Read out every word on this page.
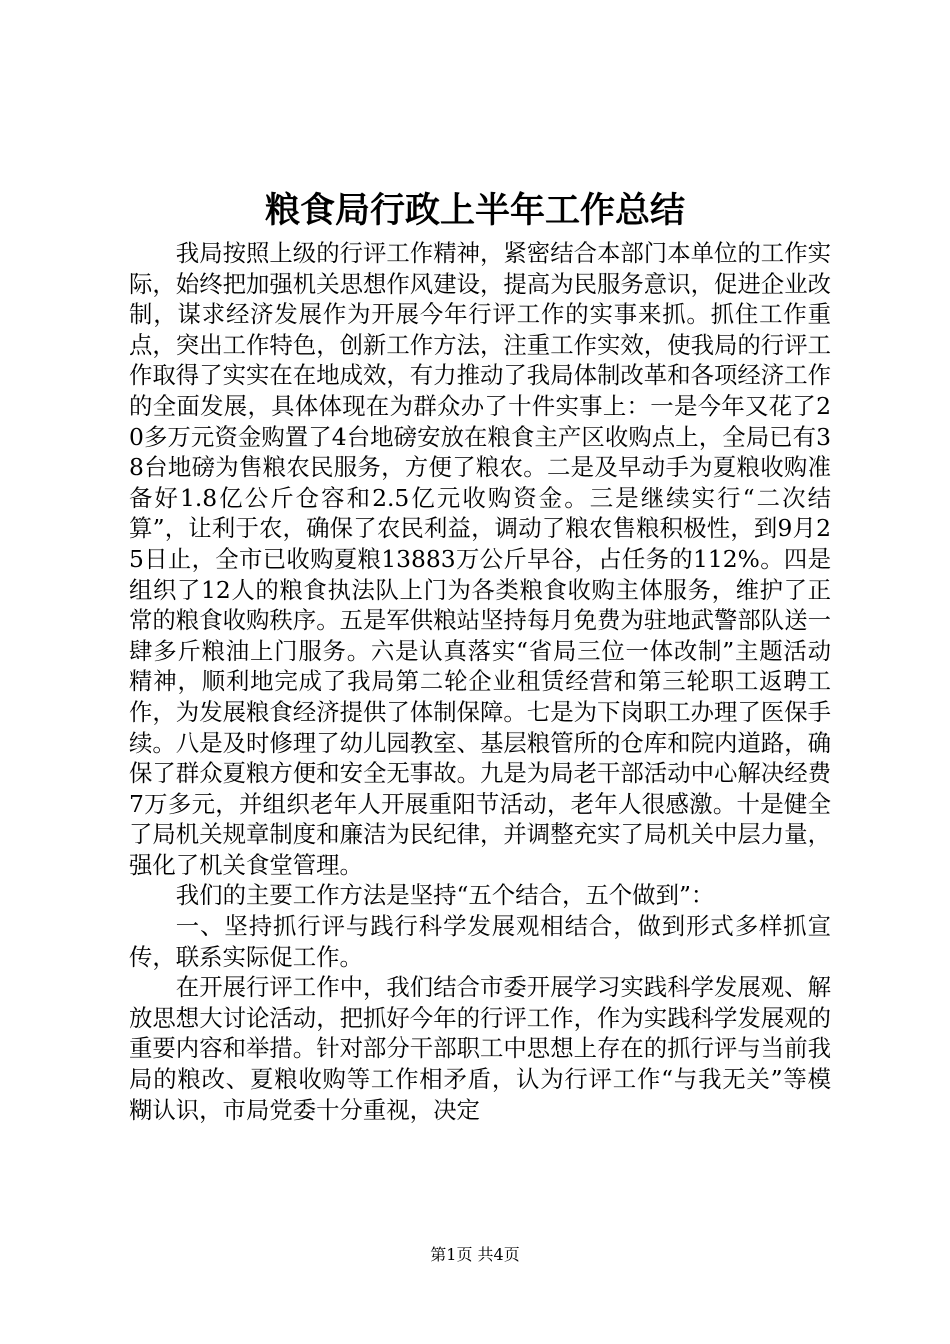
粮食局行政上半年工作总结

我局按照上级的行评工作精神，紧密结合本部门本单位的工作实际，始终把加强机关思想作风建设，提高为民服务意识，促进企业改制，谋求经济发展作为开展今年行评工作的实事来抓。抓住工作重点，突出工作特色，创新工作方法，注重工作实效，使我局的行评工作取得了实实在在地成效，有力推动了我局体制改革和各项经济工作的全面发展，具体体现在为群众办了十件实事上：一是今年又花了20多万元资金购置了4台地磅安放在粮食主产区收购点上，全局已有38台地磅为售粮农民服务，方便了粮农。二是及早动手为夏粮收购准备好1.8亿公斤仓容和2.5亿元收购资金。三是继续实行“二次结算”，让利于农，确保了农民利益，调动了粮农售粮积极性，到9月25日止，全市已收购夏粮13883万公斤早谷，占任务的112%。四是组织了12人的粮食执法队上门为各类粮食收购主体服务，维护了正常的粮食收购秩序。五是军供粮站坚持每月免费为驻地武警部队送一肆多斤粮油上门服务。六是认真落实“省局三位一体改制”主题活动精神，顺利地完成了我局第二轮企业租赁经营和第三轮职工返聘工作，为发展粮食经济提供了体制保障。七是为下岗职工办理了医保手续。八是及时修理了幼儿园教室、基层粮管所的仓库和院内道路，确保了群众夏粮方便和安全无事故。九是为局老干部活动中心解决经费7万多元，并组织老年人开展重阳节活动，老年人很感激。十是健全了局机关规章制度和廉洁为民纪律，并调整充实了局机关中层力量，强化了机关食堂管理。

我们的主要工作方法是坚持“五个结合，五个做到”：

一、坚持抓行评与践行科学发展观相结合，做到形式多样抓宣传，联系实际促工作。

在开展行评工作中，我们结合市委开展学习实践科学发展观、解放思想大讨论活动，把抓好今年的行评工作，作为实践科学发展观的重要内容和举措。针对部分干部职工中思想上存在的抓行评与当前我局的粮改、夏粮收购等工作相矛盾，认为行评工作“与我无关”等模糊认识，市局党委十分重视，决定

第1页 共4页
